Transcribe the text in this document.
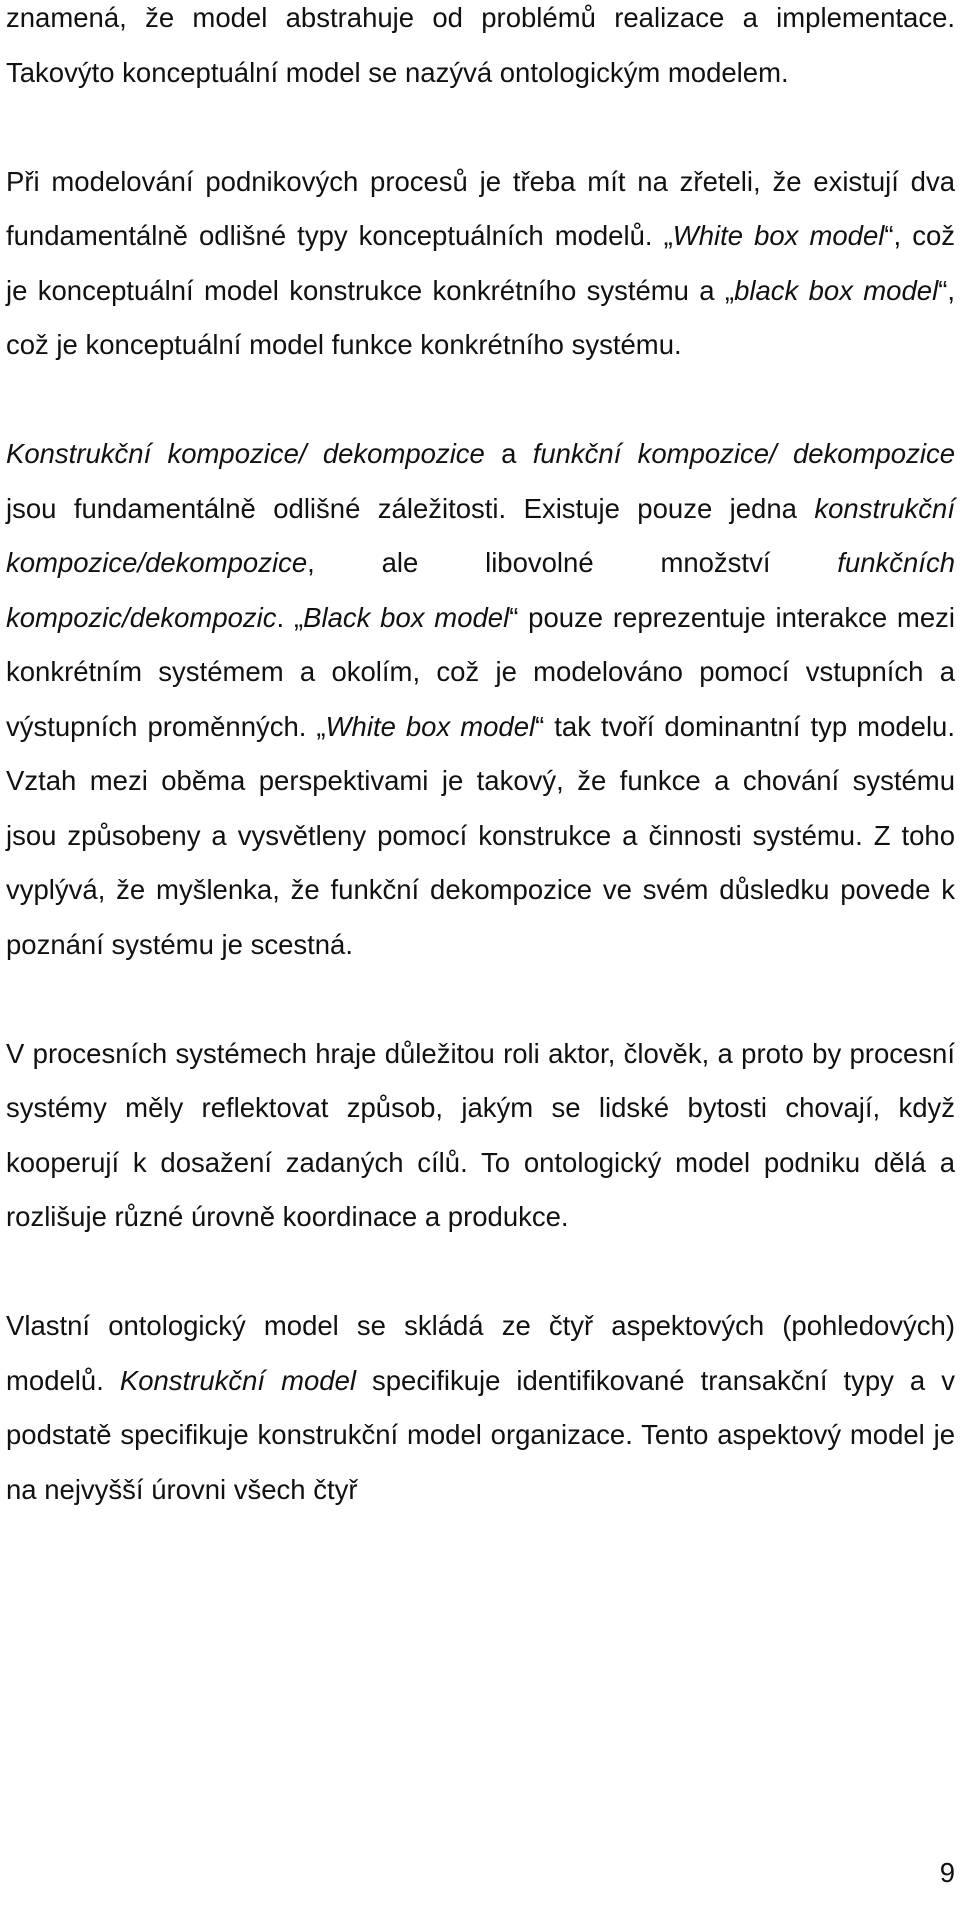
znamená, že model abstrahuje od problémů realizace a implementace. Takovýto konceptuální model se nazývá ontologickým modelem.

Při modelování podnikových procesů je třeba mít na zřeteli, že existují dva fundamentálně odlišné typy konceptuálních modelů. „White box model“, což je konceptuální model konstrukce konkrétního systému a „black box model“, což je konceptuální model funkce konkrétního systému.

Konstrukční kompozice/ dekompozice a funkční kompozice/ dekompozice jsou fundamentálně odlišné záležitosti. Existuje pouze jedna konstrukční kompozice/dekompozice, ale libovolné množství funkčních kompozic/dekompozic. „Black box model“ pouze reprezentuje interakce mezi konkrétním systémem a okolím, což je modelováno pomocí vstupních a výstupních proměnných. „White box model“ tak tvoří dominantní typ modelu. Vztah mezi oběma perspektivami je takový, že funkce a chování systému jsou způsobeny a vysvětleny pomocí konstrukce a činnosti systému. Z toho vyplývá, že myšlenka, že funkční dekompozice ve svém důsledku povede k poznání systému je scestná.

V procesních systémech hraje důležitou roli aktor, člověk, a proto by procesní systémy měly reflektovat způsob, jakým se lidské bytosti chovají, když kooperují k dosažení zadaných cílů. To ontologický model podniku dělá a rozlišuje různé úrovně koordinace a produkce.

Vlastní ontologický model se skládá ze čtyř aspektových (pohledových) modelů. Konstrukční model specifikuje identifikované transakční typy a v podstatě specifikuje konstrukční model organizace. Tento aspektový model je na nejvyšší úrovni všech čtyř

9
